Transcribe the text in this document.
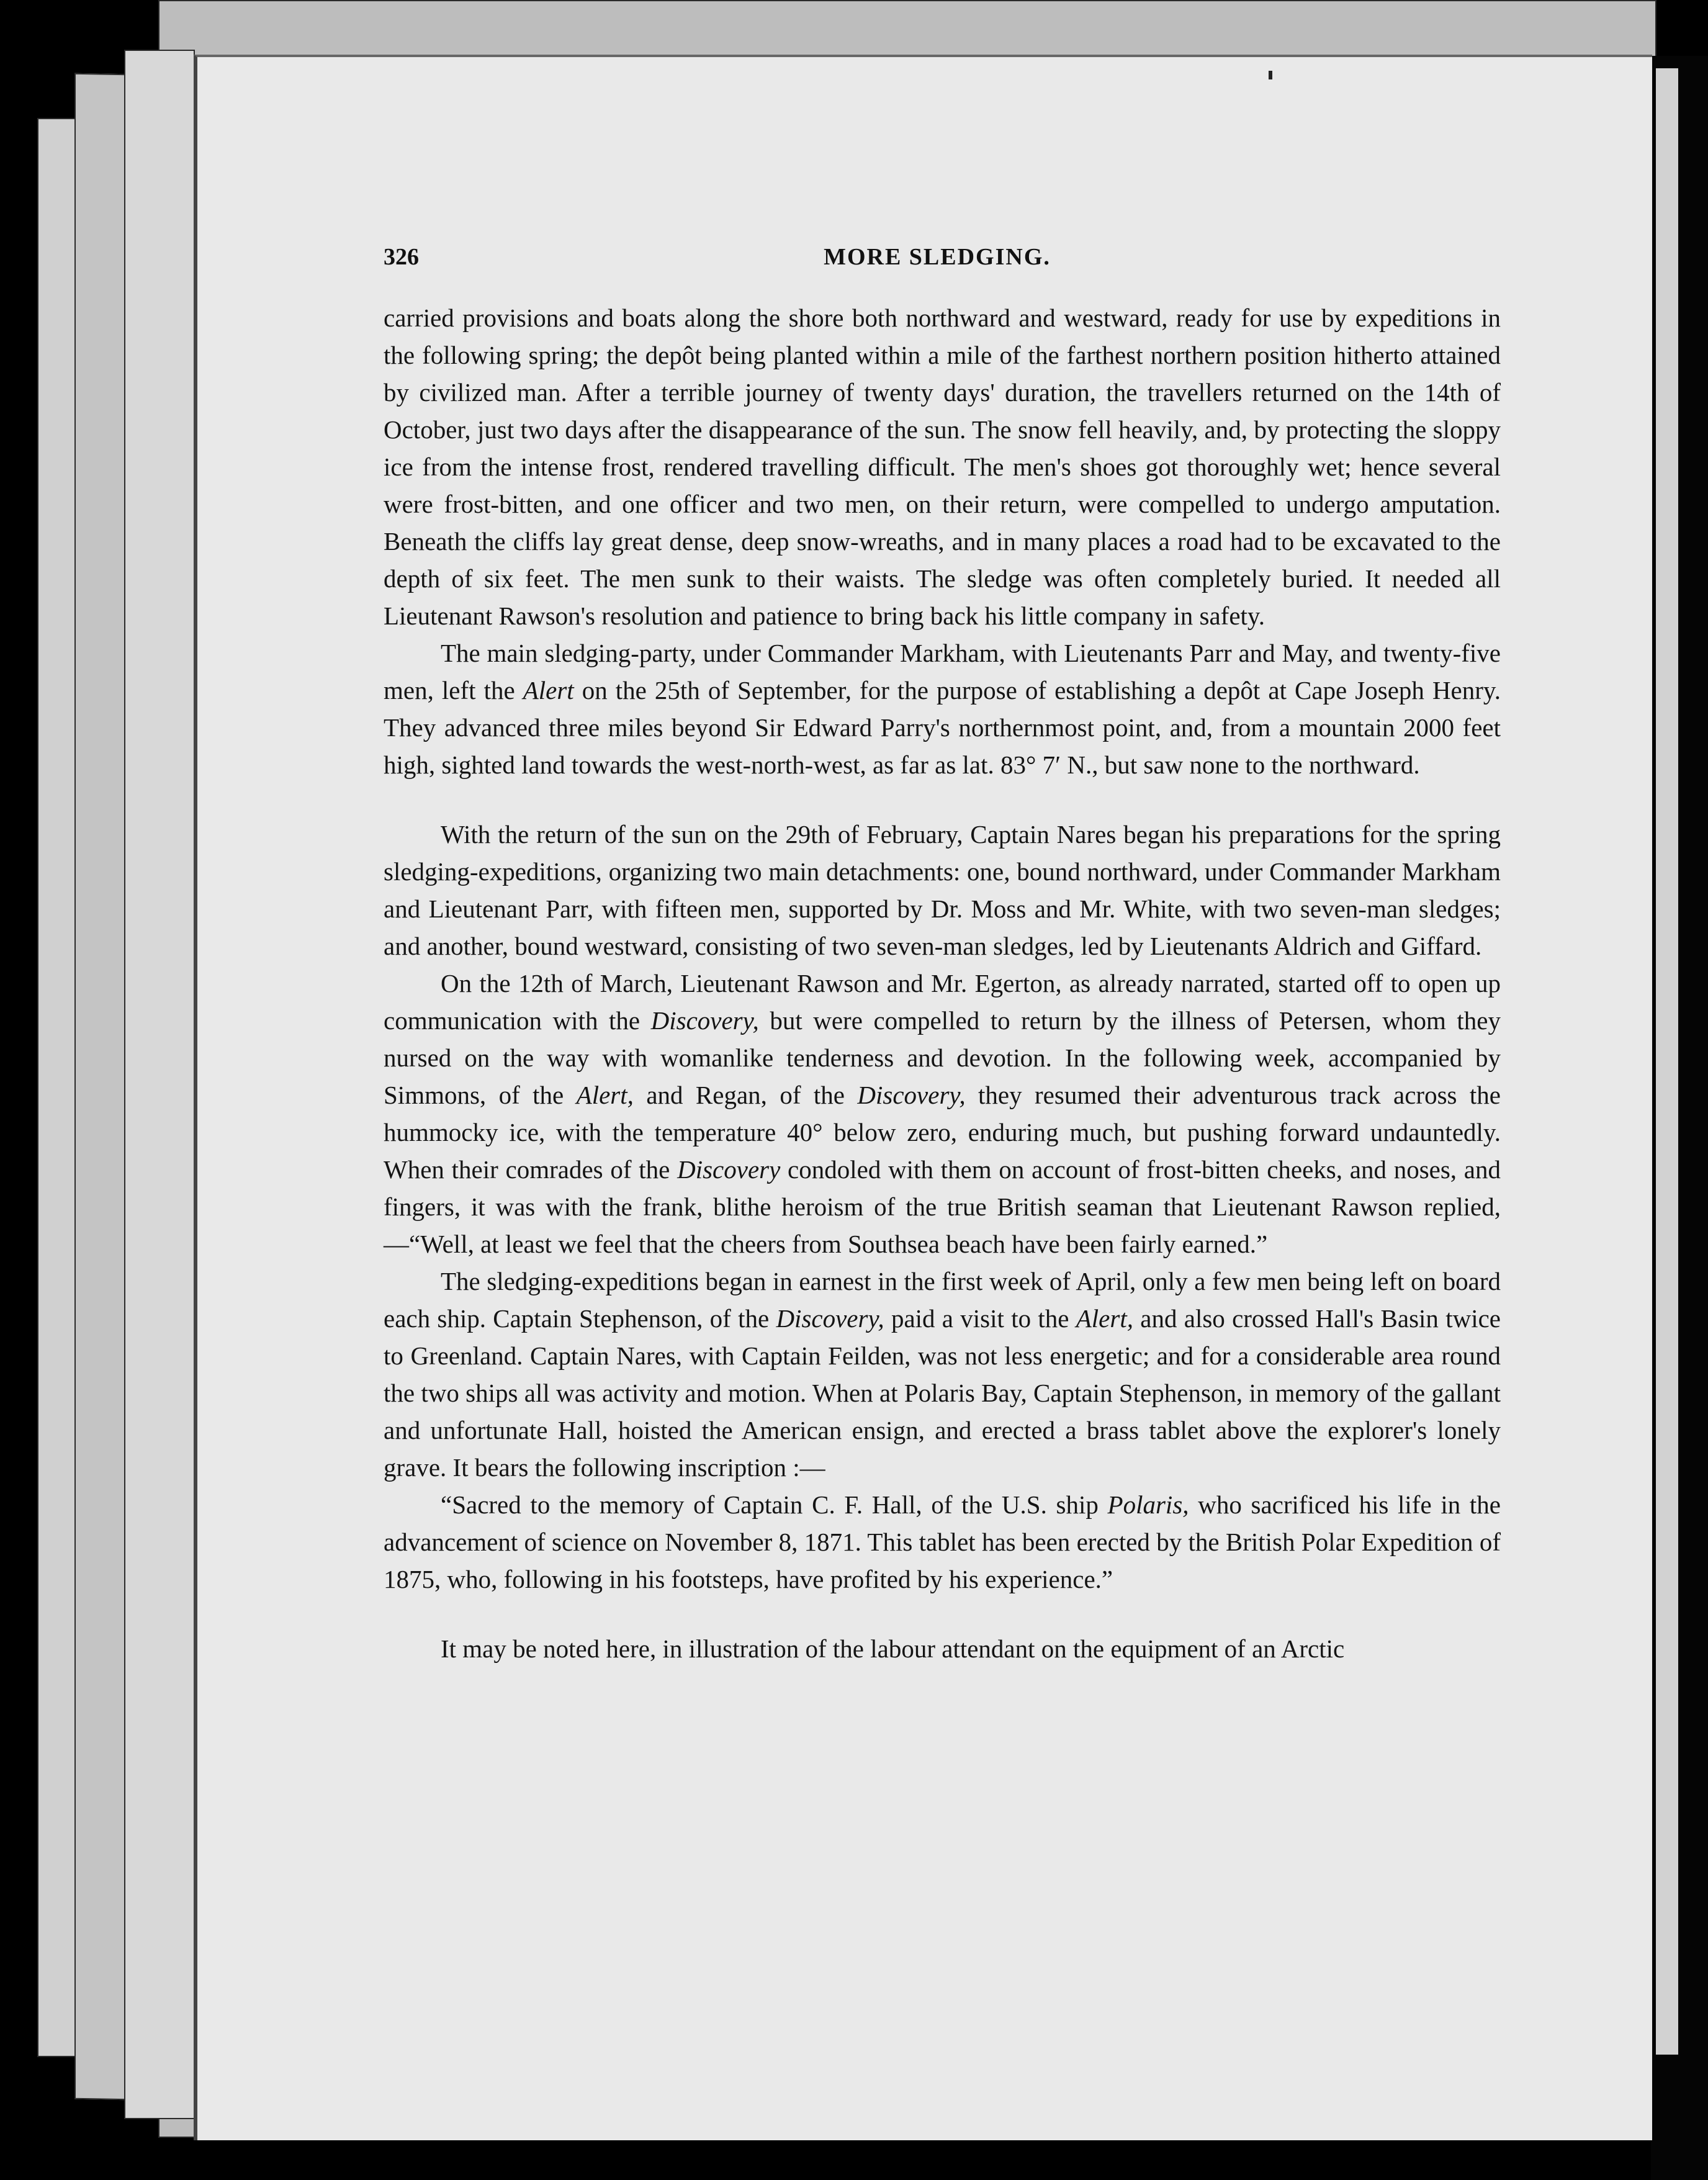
326	MORE SLEDGING.

carried provisions and boats along the shore both northward and westward, ready for use by expeditions in the following spring; the depôt being planted within a mile of the farthest northern position hitherto attained by civilized man. After a terrible journey of twenty days' duration, the travellers returned on the 14th of October, just two days after the disappearance of the sun. The snow fell heavily, and, by protecting the sloppy ice from the intense frost, rendered travelling difficult. The men's shoes got thoroughly wet; hence several were frost-bitten, and one officer and two men, on their return, were compelled to undergo amputation. Beneath the cliffs lay great dense, deep snow-wreaths, and in many places a road had to be excavated to the depth of six feet. The men sunk to their waists. The sledge was often completely buried. It needed all Lieutenant Rawson's resolution and patience to bring back his little company in safety.

The main sledging-party, under Commander Markham, with Lieutenants Parr and May, and twenty-five men, left the Alert on the 25th of September, for the purpose of establishing a depôt at Cape Joseph Henry. They advanced three miles beyond Sir Edward Parry's northernmost point, and, from a mountain 2000 feet high, sighted land towards the west-north-west, as far as lat. 83° 7′ N., but saw none to the northward.

With the return of the sun on the 29th of February, Captain Nares began his preparations for the spring sledging-expeditions, organizing two main detachments: one, bound northward, under Commander Markham and Lieutenant Parr, with fifteen men, supported by Dr. Moss and Mr. White, with two seven-man sledges; and another, bound westward, consisting of two seven-man sledges, led by Lieutenants Aldrich and Giffard.

On the 12th of March, Lieutenant Rawson and Mr. Egerton, as already narrated, started off to open up communication with the Discovery, but were compelled to return by the illness of Petersen, whom they nursed on the way with womanlike tenderness and devotion. In the following week, accompanied by Simmons, of the Alert, and Regan, of the Discovery, they resumed their adventurous track across the hummocky ice, with the temperature 40° below zero, enduring much, but pushing forward undauntedly. When their comrades of the Discovery condoled with them on account of frost-bitten cheeks, and noses, and fingers, it was with the frank, blithe heroism of the true British seaman that Lieutenant Rawson replied,—“Well, at least we feel that the cheers from Southsea beach have been fairly earned.”

The sledging-expeditions began in earnest in the first week of April, only a few men being left on board each ship. Captain Stephenson, of the Discovery, paid a visit to the Alert, and also crossed Hall's Basin twice to Greenland. Captain Nares, with Captain Feilden, was not less energetic; and for a considerable area round the two ships all was activity and motion. When at Polaris Bay, Captain Stephenson, in memory of the gallant and unfortunate Hall, hoisted the American ensign, and erected a brass tablet above the explorer's lonely grave. It bears the following inscription :—

“Sacred to the memory of Captain C. F. Hall, of the U.S. ship Polaris, who sacrificed his life in the advancement of science on November 8, 1871. This tablet has been erected by the British Polar Expedition of 1875, who, following in his footsteps, have profited by his experience.”

It may be noted here, in illustration of the labour attendant on the equipment of an Arctic
